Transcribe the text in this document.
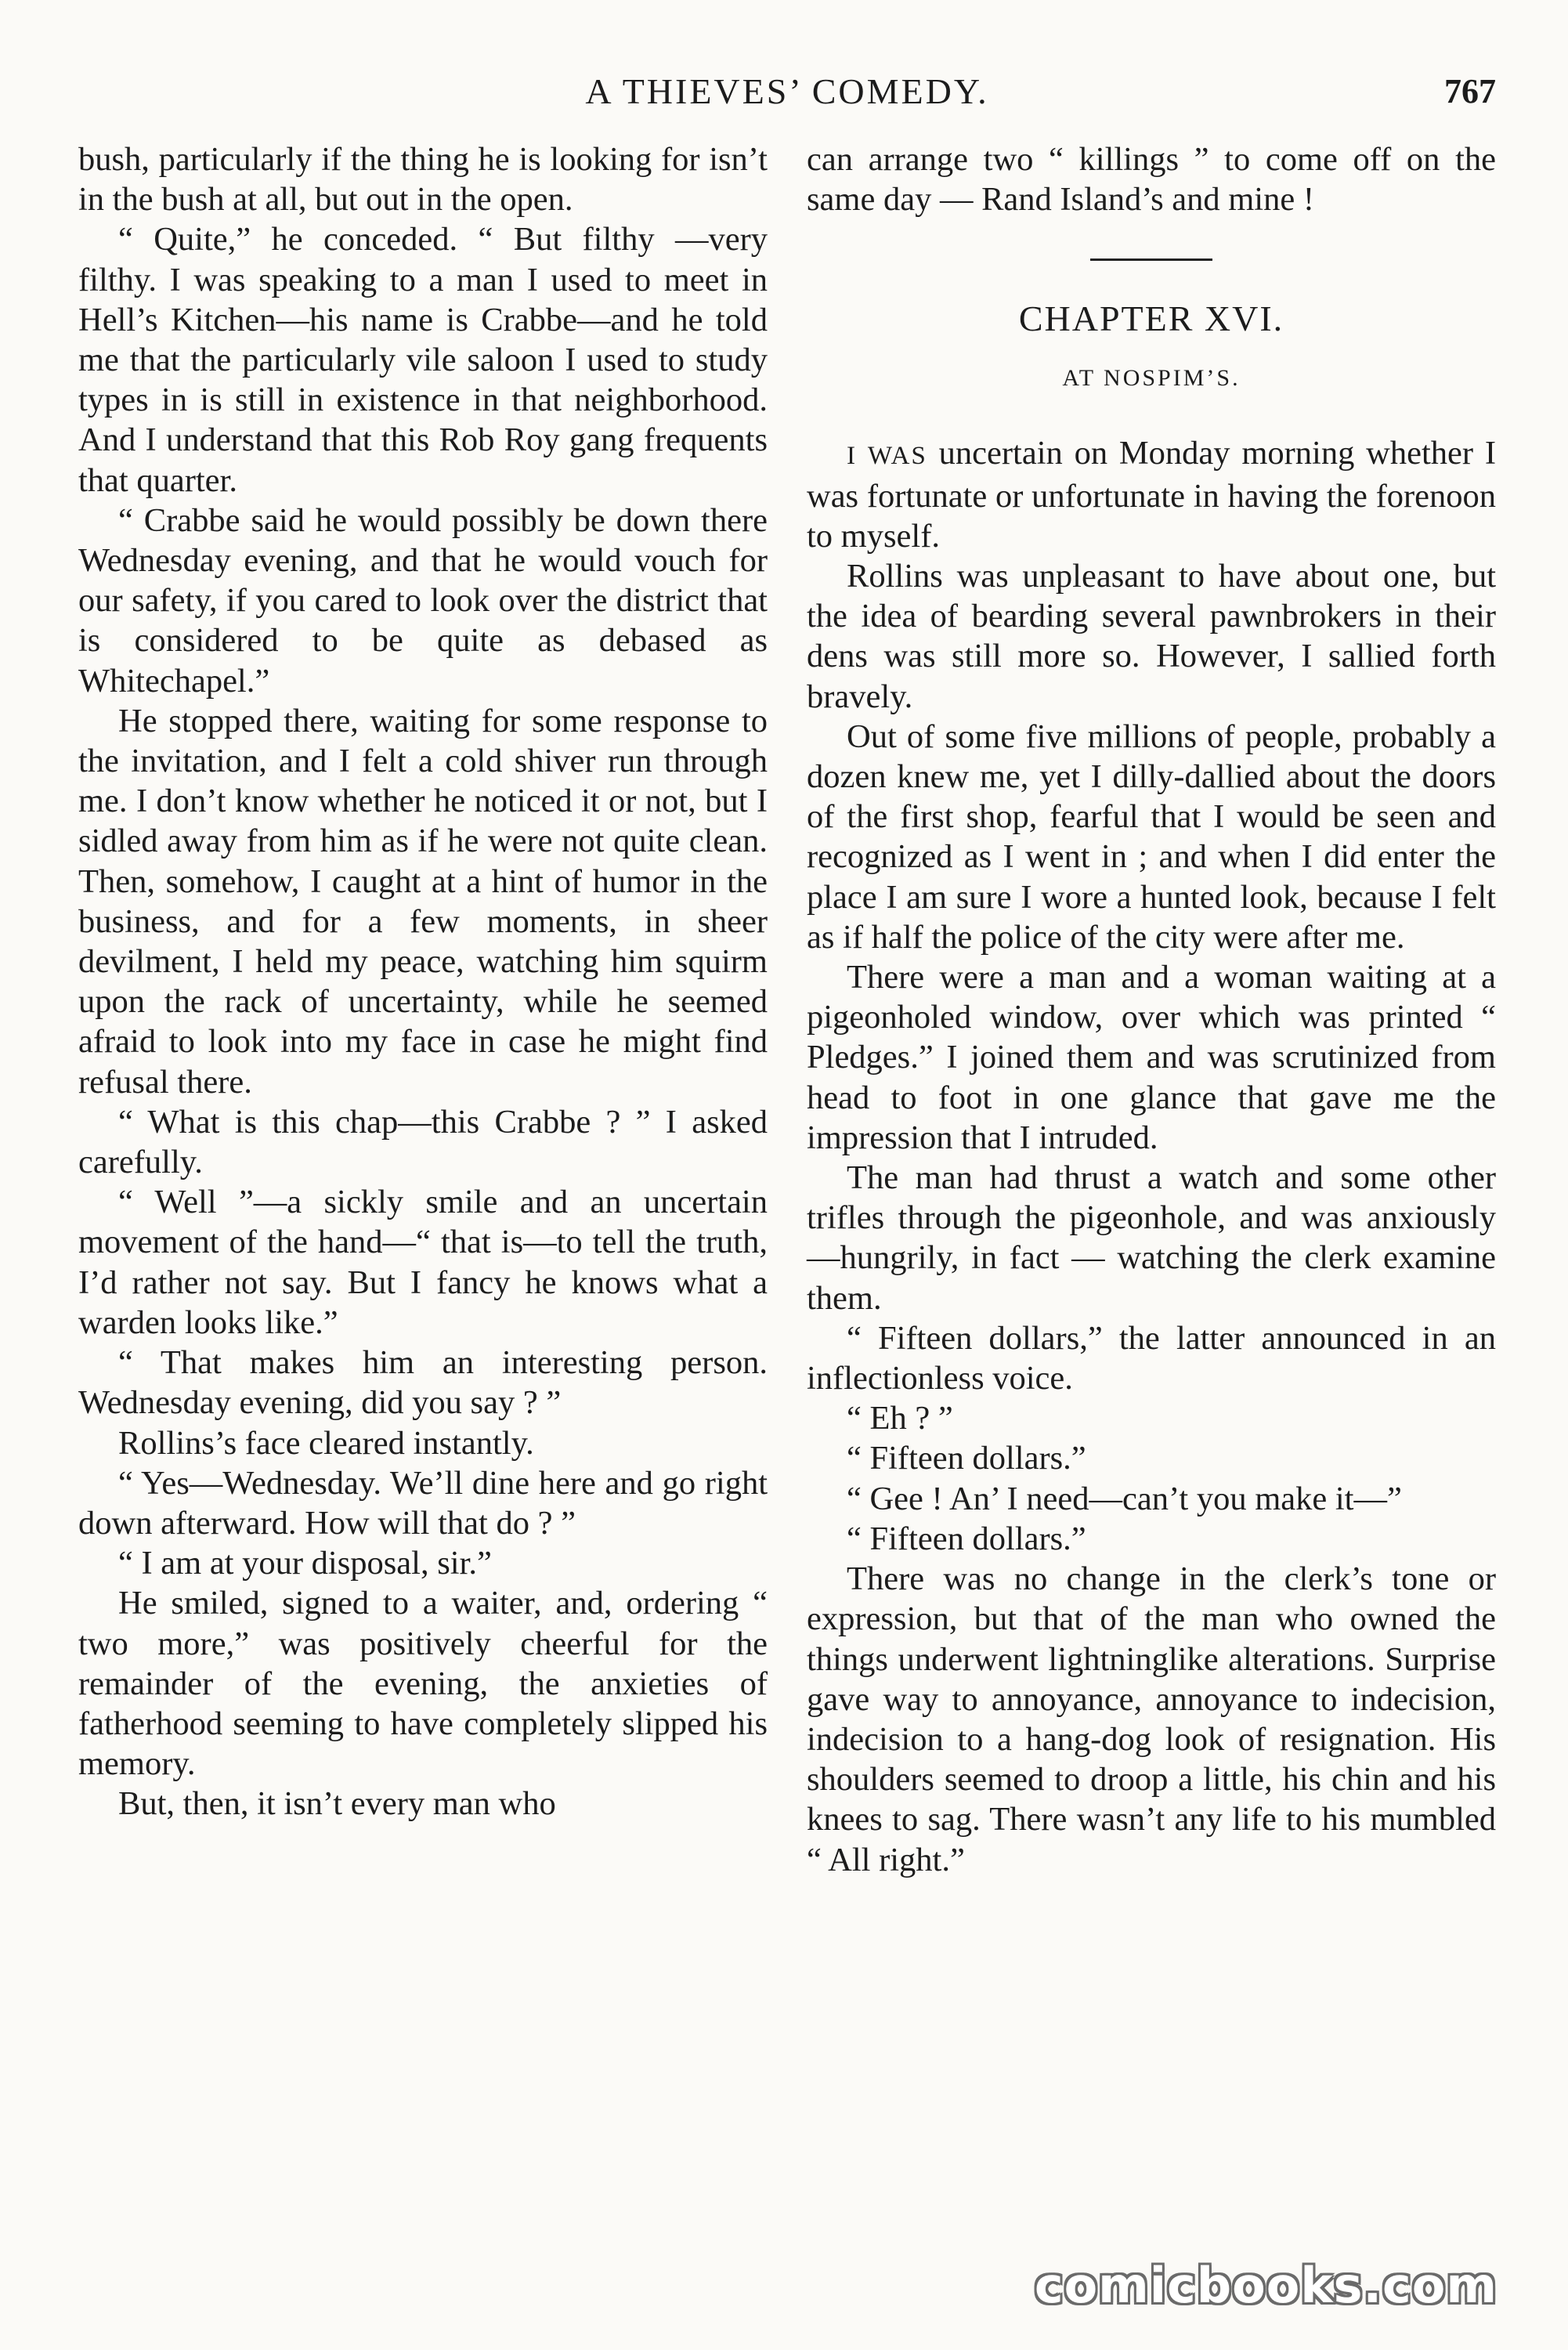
A THIEVES’ COMEDY.	767

bush, particularly if the thing he is looking for isn’t in the bush at all, but out in the open.

“ Quite,” he conceded. “ But filthy —very filthy. I was speaking to a man I used to meet in Hell’s Kitchen—his name is Crabbe—and he told me that the particularly vile saloon I used to study types in is still in existence in that neighborhood. And I understand that this Rob Roy gang frequents that quarter.

“ Crabbe said he would possibly be down there Wednesday evening, and that he would vouch for our safety, if you cared to look over the district that is considered to be quite as debased as Whitechapel.”

He stopped there, waiting for some response to the invitation, and I felt a cold shiver run through me. I don’t know whether he noticed it or not, but I sidled away from him as if he were not quite clean. Then, somehow, I caught at a hint of humor in the business, and for a few moments, in sheer devilment, I held my peace, watching him squirm upon the rack of uncertainty, while he seemed afraid to look into my face in case he might find refusal there.

“ What is this chap—this Crabbe ? ” I asked carefully.

“ Well ”—a sickly smile and an uncertain movement of the hand—“ that is—to tell the truth, I’d rather not say. But I fancy he knows what a warden looks like.”

“ That makes him an interesting person. Wednesday evening, did you say ? ”

Rollins’s face cleared instantly.

“ Yes—Wednesday. We’ll dine here and go right down afterward. How will that do ? ”

“ I am at your disposal, sir.”

He smiled, signed to a waiter, and, ordering “ two more,” was positively cheerful for the remainder of the evening, the anxieties of fatherhood seeming to have completely slipped his memory.

But, then, it isn’t every man who

can arrange two “ killings ” to come off on the same day — Rand Island’s and mine !

CHAPTER XVI.
AT NOSPIM’S.

I WAS uncertain on Monday morning whether I was fortunate or unfortunate in having the forenoon to myself.

Rollins was unpleasant to have about one, but the idea of bearding several pawnbrokers in their dens was still more so. However, I sallied forth bravely.

Out of some five millions of people, probably a dozen knew me, yet I dilly-dallied about the doors of the first shop, fearful that I would be seen and recognized as I went in ; and when I did enter the place I am sure I wore a hunted look, because I felt as if half the police of the city were after me.

There were a man and a woman waiting at a pigeonholed window, over which was printed “ Pledges.” I joined them and was scrutinized from head to foot in one glance that gave me the impression that I intruded.

The man had thrust a watch and some other trifles through the pigeonhole, and was anxiously—hungrily, in fact — watching the clerk examine them.

“ Fifteen dollars,” the latter announced in an inflectionless voice.

“ Eh ? ”

“ Fifteen dollars.”

“ Gee ! An’ I need—can’t you make it—”

“ Fifteen dollars.”

There was no change in the clerk’s tone or expression, but that of the man who owned the things underwent lightninglike alterations. Surprise gave way to annoyance, annoyance to indecision, indecision to a hang-dog look of resignation. His shoulders seemed to droop a little, his chin and his knees to sag. There wasn’t any life to his mumbled “ All right.”

comicbooks.com
